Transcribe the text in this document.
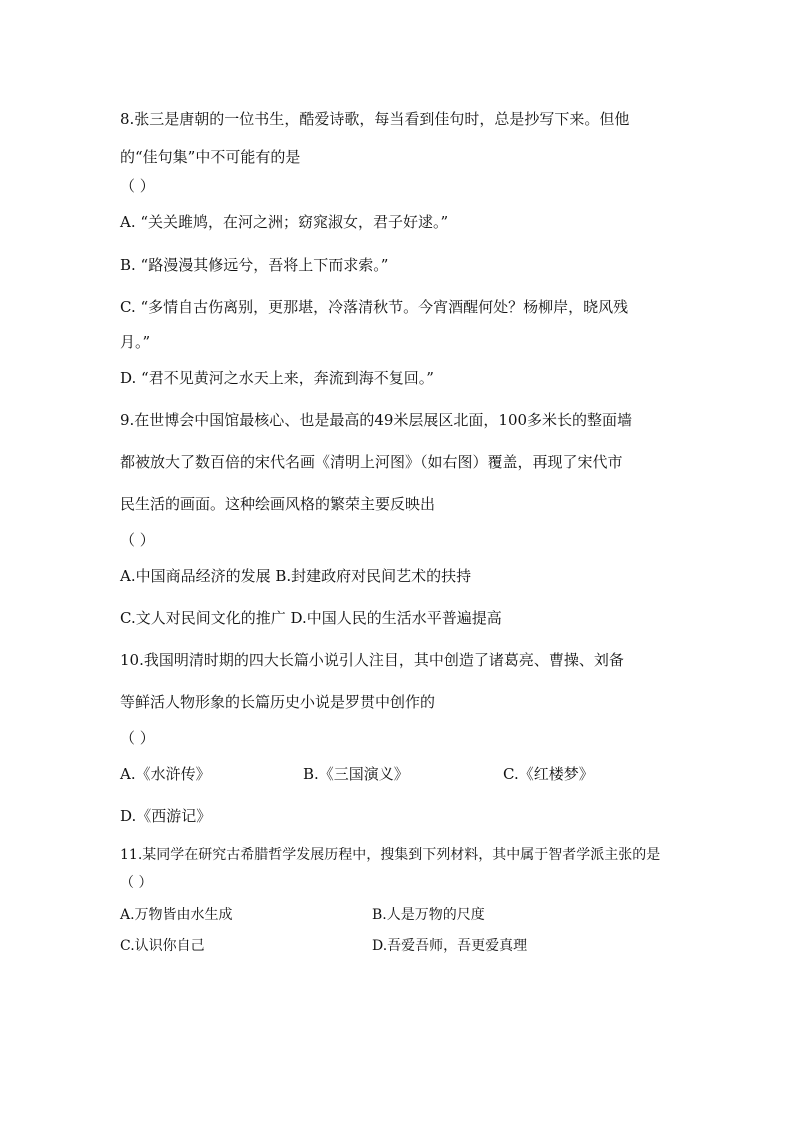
8.张三是唐朝的一位书生，酷爱诗歌，每当看到佳句时，总是抄写下来。但他
的“佳句集”中不可能有的是
（ ）
A. “关关雎鸠，在河之洲；窈窕淑女，君子好逑。”
B. “路漫漫其修远兮，吾将上下而求索。”
C. “多情自古伤离别，更那堪，冷落清秋节。今宵酒醒何处？杨柳岸，晓风残
月。”
D. “君不见黄河之水天上来，奔流到海不复回。”
9.在世博会中国馆最核心、也是最高的49米层展区北面，100多米长的整面墙
都被放大了数百倍的宋代名画《清明上河图》（如右图）覆盖，再现了宋代市
民生活的画面。这种绘画风格的繁荣主要反映出
（ ）
A.中国商品经济的发展 B.封建政府对民间艺术的扶持
C.文人对民间文化的推广 D.中国人民的生活水平普遍提高
10.我国明清时期的四大长篇小说引人注目，其中创造了诸葛亮、曹操、刘备
等鲜活人物形象的长篇历史小说是罗贯中创作的
（ ）
A.《水浒传》	B.《三国演义》	C.《红楼梦》
D.《西游记》
11.某同学在研究古希腊哲学发展历程中，搜集到下列材料，其中属于智者学派主张的是
（ ）
A.万物皆由水生成	B.人是万物的尺度
C.认识你自己	D.吾爱吾师，吾更爱真理
